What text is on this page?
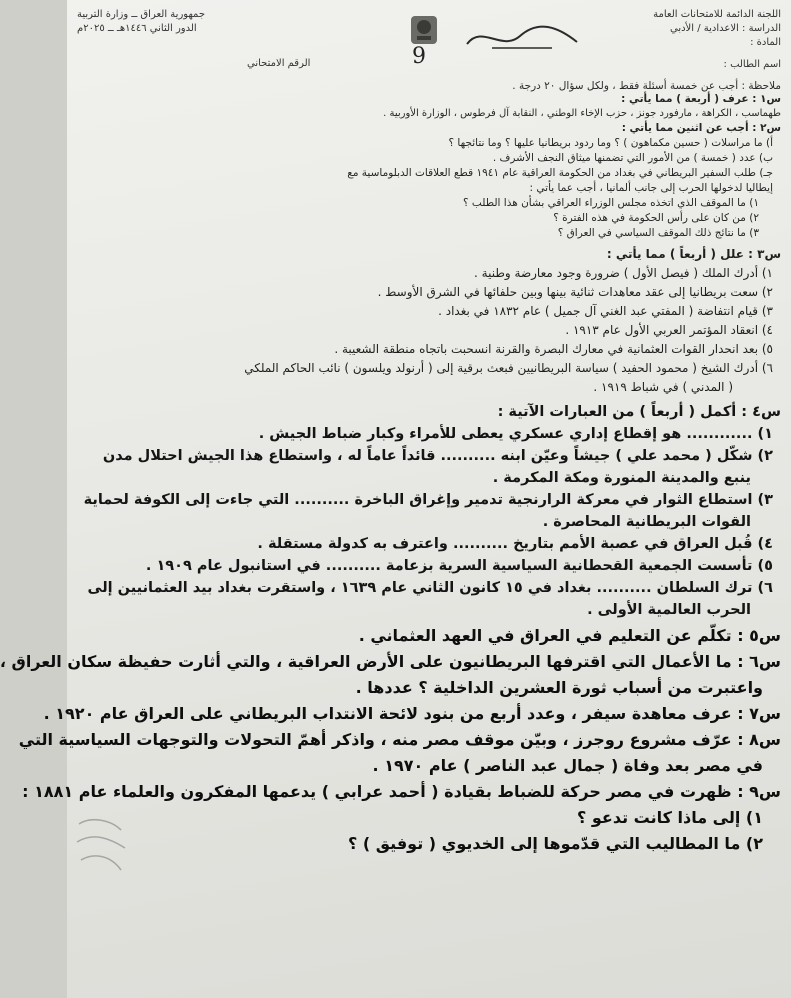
اللجنة الدائمة للامتحانات العامة
الدراسة : الاعدادية / الأدبي
المادة :
اسم الطالب :
جمهورية العراق ــ وزارة التربية
الدور الثاني ١٤٤٦هـ ــ ٢٠٢٥م
9
الرقم الامتحاني
ملاحظة : أجب عن خمسة أسئلة فقط ، ولكل سؤال ٢٠ درجة .
س١ : عرف ( أربعة ) مما يأتي :
طهماسب ، الكراهة ، مارفورد جونز ، حزب الإخاء الوطني ، النقابة آل فرطوس ، الوزارة الأوربية .
س٢ : أجب عن اثنين مما يأتي :
أ) ما مراسلات ( حسين مكماهون ) ؟ وما ردود بريطانيا عليها ؟ وما نتائجها ؟
ب) عدد ( خمسة ) من الأمور التي تضمنها ميثاق النجف الأشرف .
جـ) طلب السفير البريطاني في بغداد من الحكومة العراقية عام ١٩٤١ قطع العلاقات الدبلوماسية مع
إيطاليا لدخولها الحرب إلى جانب ألمانيا ، أجب عما يأتي :
١) ما الموقف الذي اتخذه مجلس الوزراء العراقي بشأن هذا الطلب ؟
٢) من كان على رأس الحكومة في هذه الفترة ؟
٣) ما نتائج ذلك الموقف السياسي في العراق ؟
س٣ : علل ( أربعاً ) مما يأتي :
١) أدرك الملك ( فيصل الأول ) ضرورة وجود معارضة وطنية .
٢) سعت بريطانيا إلى عقد معاهدات ثنائية بينها وبين حلفائها في الشرق الأوسط .
٣) قيام انتفاضة ( المفتي عبد الغني آل جميل ) عام ١٨٣٢ في بغداد .
٤) انعقاد المؤتمر العربي الأول عام ١٩١٣ .
٥) بعد انحدار القوات العثمانية في معارك البصرة والقرنة انسحبت باتجاه منطقة الشعيبة .
٦) أدرك الشيخ ( محمود الحفيد ) سياسة البريطانيين فبعث برقية إلى ( أرنولد ويلسون ) نائب الحاكم الملكي
( المدني ) في شباط ١٩١٩ .
س٤ : أكمل ( أربعاً ) من العبارات الآتية :
١) ............ هو إقطاع إداري عسكري يعطى للأمراء وكبار ضباط الجيش .
٢) شكّل ( محمد علي ) جيشاً وعيّن ابنه .......... قائداً عاماً له ، واستطاع هذا الجيش احتلال مدن
ينبع والمدينة المنورة ومكة المكرمة .
٣) استطاع الثوار في معركة الرارنجية تدمير وإغراق الباخرة .......... التي جاءت إلى الكوفة لحماية
القوات البريطانية المحاصرة .
٤) قُبل العراق في عصبة الأمم بتاريخ .......... واعترف به كدولة مستقلة .
٥) تأسست الجمعية القحطانية السياسية السرية بزعامة .......... في استانبول عام ١٩٠٩ .
٦) ترك السلطان .......... بغداد في ١٥ كانون الثاني عام ١٦٣٩ ، واستقرت بغداد بيد العثمانيين إلى
الحرب العالمية الأولى .
س٥ : تكلّم عن التعليم في العراق في العهد العثماني .
س٦ : ما الأعمال التي اقترفها البريطانيون على الأرض العراقية ، والتي أثارت حفيظة سكان العراق ،
واعتبرت من أسباب ثورة العشرين الداخلية ؟ عددها .
س٧ : عرف معاهدة سيفر ، وعدد أربع من بنود لائحة الانتداب البريطاني على العراق عام ١٩٢٠ .
س٨ : عرّف مشروع روجرز ، وبيّن موقف مصر منه ، واذكر أهمّ التحولات والتوجهات السياسية التي
في مصر بعد وفاة ( جمال عبد الناصر ) عام ١٩٧٠ .
س٩ : ظهرت في مصر حركة للضباط بقيادة ( أحمد عرابي ) يدعمها المفكرون والعلماء عام ١٨٨١ :
١) إلى ماذا كانت تدعو ؟
٢) ما المطاليب التي قدّموها إلى الخديوي ( توفيق ) ؟
